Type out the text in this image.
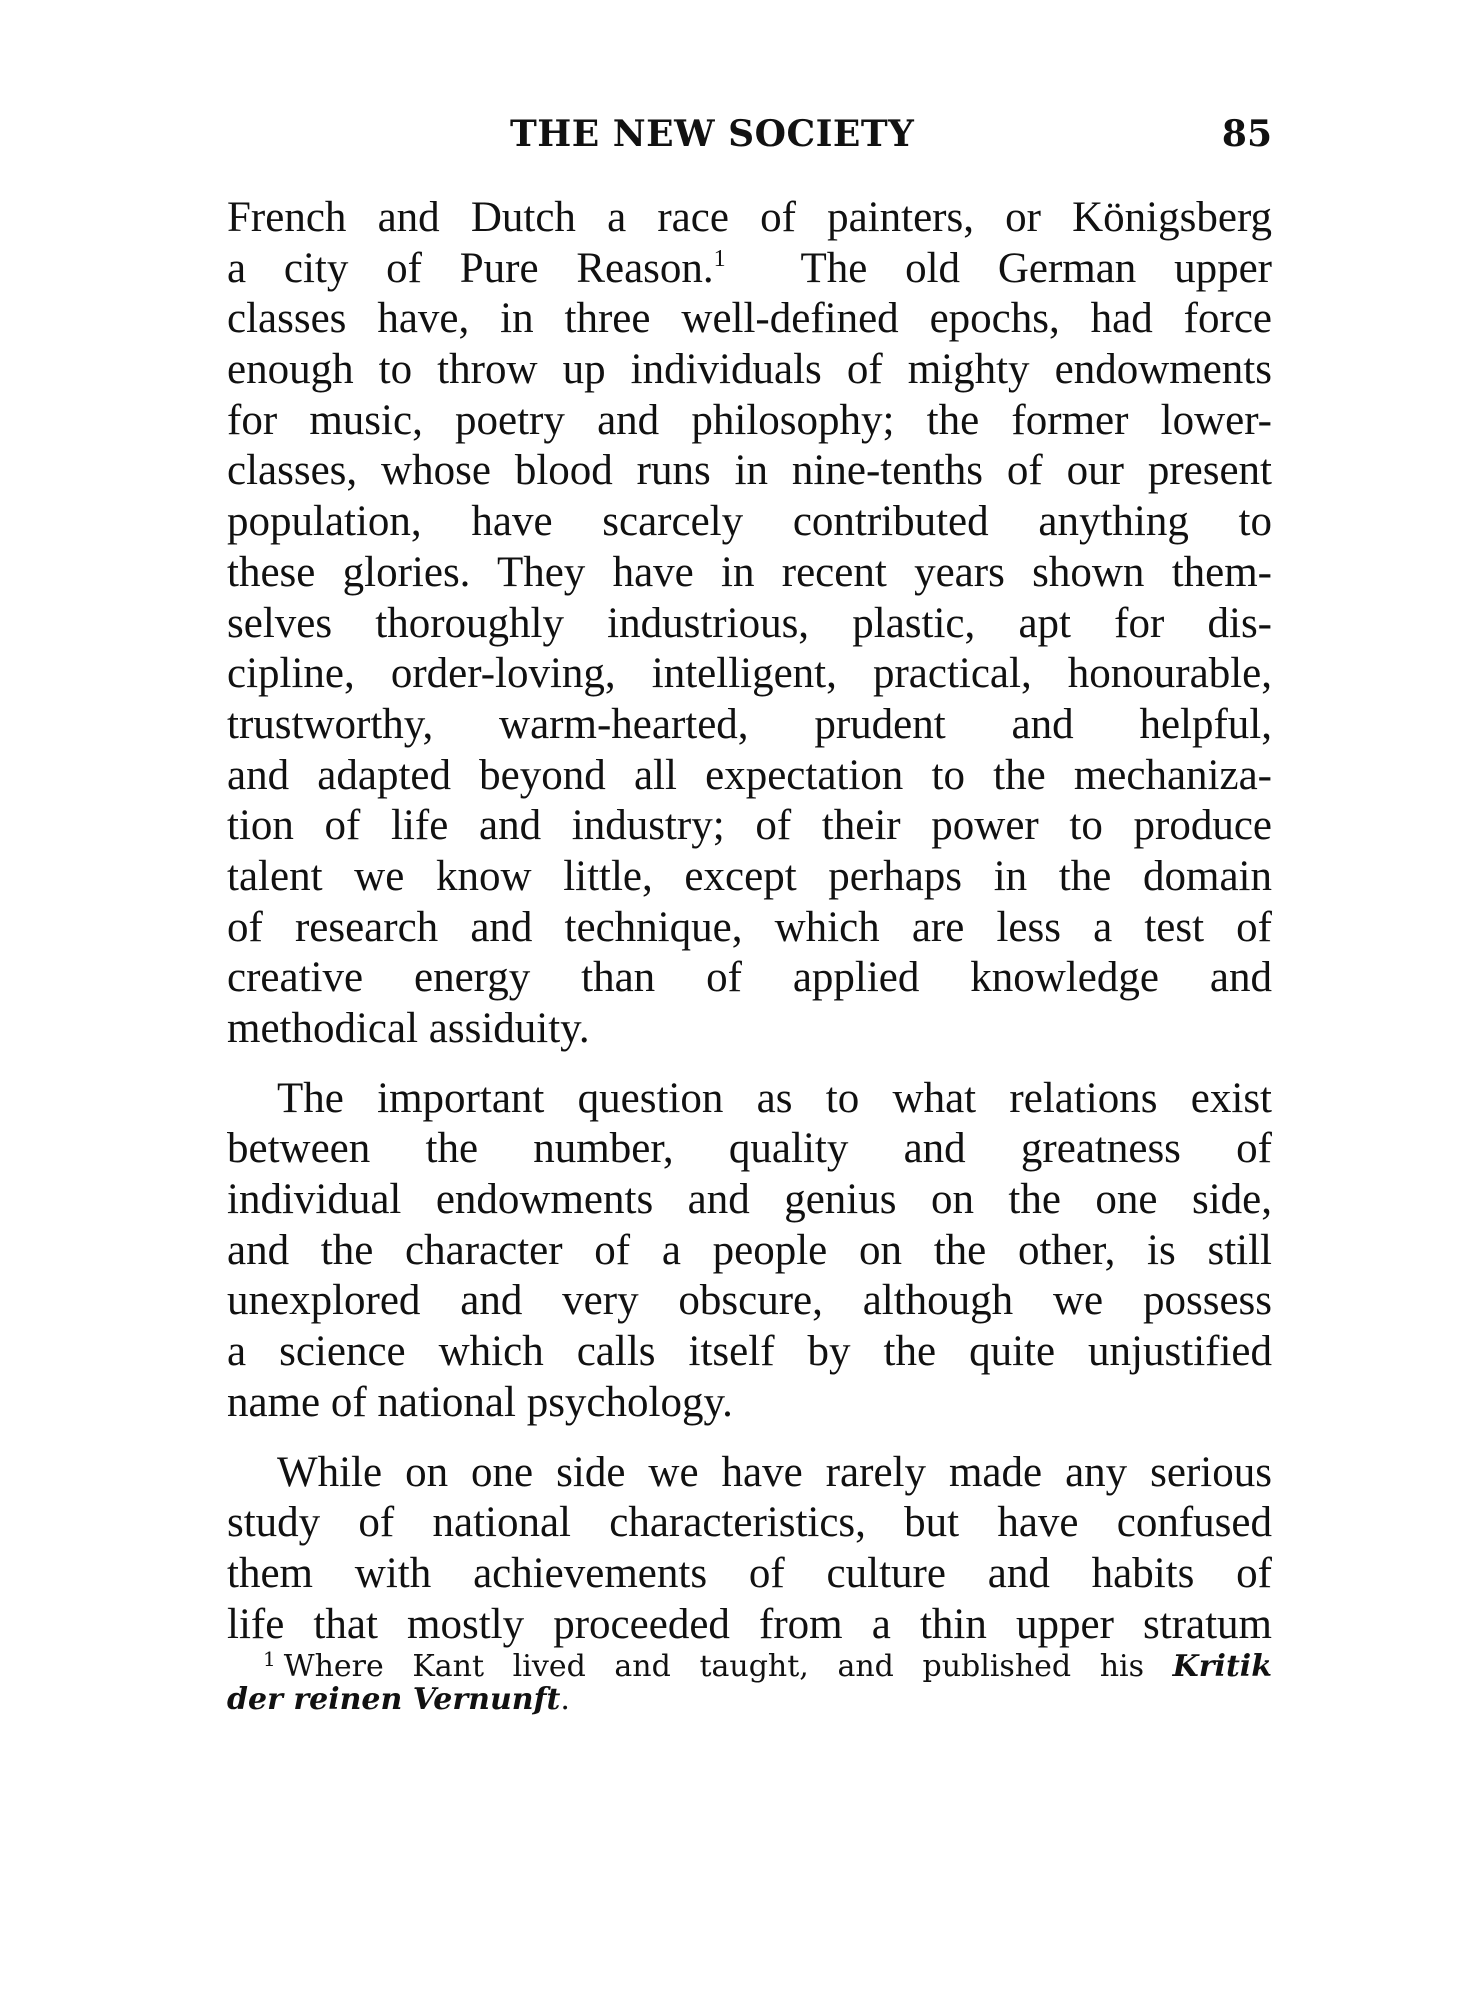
THE NEW SOCIETY	85
French and Dutch a race of painters, or Königsberg
a city of Pure Reason.$^1$  The old German upper
classes have, in three well-defined epochs, had force
enough to throw up individuals of mighty endowments
for music, poetry and philosophy; the former lower-
classes, whose blood runs in nine-tenths of our present
population, have scarcely contributed anything to
these glories. They have in recent years shown them-
selves thoroughly industrious, plastic, apt for dis-
cipline, order-loving, intelligent, practical, honourable,
trustworthy, warm-hearted, prudent and helpful,
and adapted beyond all expectation to the mechaniza-
tion of life and industry; of their power to produce
talent we know little, except perhaps in the domain
of research and technique, which are less a test of
creative energy than of applied knowledge and
methodical assiduity.
The important question as to what relations exist
between the number, quality and greatness of
individual endowments and genius on the one side,
and the character of a people on the other, is still
unexplored and very obscure, although we possess
a science which calls itself by the quite unjustified
name of national psychology.
While on one side we have rarely made any serious
study of national characteristics, but have confused
them with achievements of culture and habits of
life that mostly proceeded from a thin upper stratum
$^1$ Where Kant lived and taught, and published his Kritik
der reinen Vernunft.
